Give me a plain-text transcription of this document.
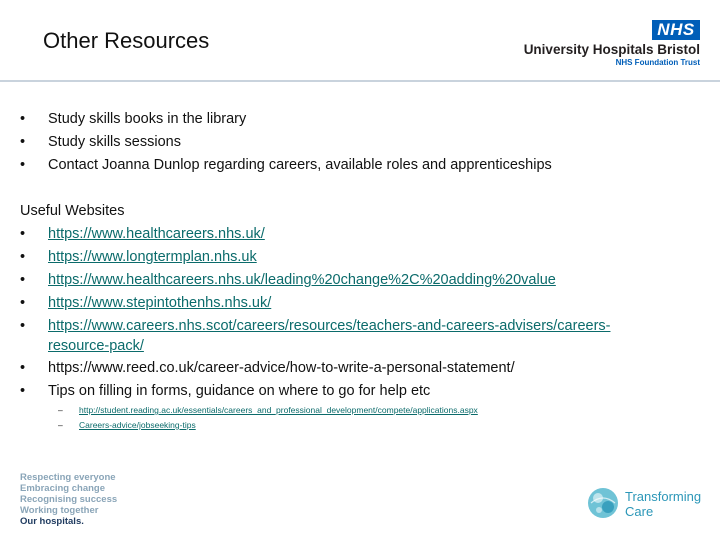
Other Resources	NHS
University Hospitals Bristol
NHS Foundation Trust
• Study skills books in the library
• Study skills sessions
• Contact Joanna Dunlop regarding careers, available roles and apprenticeships
Useful Websites
• https://www.healthcareers.nhs.uk/
• https://www.longtermplan.nhs.uk
• https://www.healthcareers.nhs.uk/leading%20change%2C%20adding%20value
• https://www.stepintothenhs.nhs.uk/
• https://www.careers.nhs.scot/careers/resources/teachers-and-careers-advisers/careers-
resource-pack/
• https://www.reed.co.uk/career-advice/how-to-write-a-personal-statement/
• Tips on filling in forms, guidance on where to go for help etc
– http://student.reading.ac.uk/essentials/careers_and_professional_development/compete/applications.aspx
– Careers-advice/jobseeking-tips
Respecting everyone
Embracing change
Recognising success
Working together
Our hospitals.
Transforming
Care
